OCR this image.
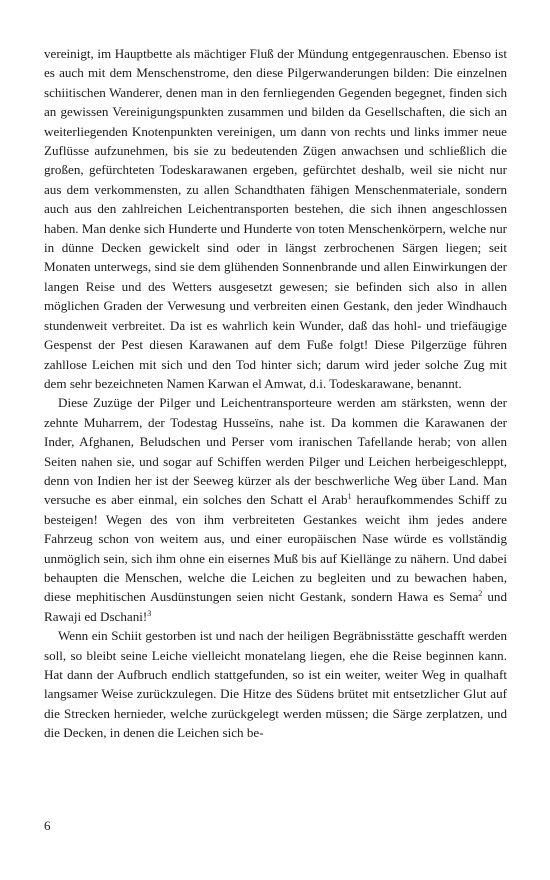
vereinigt, im Hauptbette als mächtiger Fluß der Mündung entgegenrauschen. Ebenso ist es auch mit dem Menschenstrome, den diese Pilgerwanderungen bilden: Die einzelnen schiitischen Wanderer, denen man in den fernliegenden Gegenden begegnet, finden sich an gewissen Vereinigungspunkten zusammen und bilden da Gesellschaften, die sich an weiterliegenden Knotenpunkten vereinigen, um dann von rechts und links immer neue Zuflüsse aufzunehmen, bis sie zu bedeutenden Zügen anwachsen und schließlich die großen, gefürchteten Todeskarawanen ergeben, gefürchtet deshalb, weil sie nicht nur aus dem verkommensten, zu allen Schandthaten fähigen Menschenmateriale, sondern auch aus den zahlreichen Leichentransporten bestehen, die sich ihnen angeschlossen haben. Man denke sich Hunderte und Hunderte von toten Menschenkörpern, welche nur in dünne Decken gewickelt sind oder in längst zerbrochenen Särgen liegen; seit Monaten unterwegs, sind sie dem glühenden Sonnenbrande und allen Einwirkungen der langen Reise und des Wetters ausgesetzt gewesen; sie befinden sich also in allen möglichen Graden der Verwesung und verbreiten einen Gestank, den jeder Windhauch stundenweit verbreitet. Da ist es wahrlich kein Wunder, daß das hohl- und triefäugige Gespenst der Pest diesen Karawanen auf dem Fuße folgt! Diese Pilgerzüge führen zahllose Leichen mit sich und den Tod hinter sich; darum wird jeder solche Zug mit dem sehr bezeichneten Namen Karwan el Amwat, d.i. Todeskarawane, benannt.

Diese Zuzüge der Pilger und Leichentransporteure werden am stärksten, wenn der zehnte Muharrem, der Todestag Husseïns, nahe ist. Da kommen die Karawanen der Inder, Afghanen, Beludschen und Perser vom iranischen Tafellande herab; von allen Seiten nahen sie, und sogar auf Schiffen werden Pilger und Leichen herbeigeschleppt, denn von Indien her ist der Seeweg kürzer als der beschwerliche Weg über Land. Man versuche es aber einmal, ein solches den Schatt el Arab$^1$ heraufkommendes Schiff zu besteigen! Wegen des von ihm verbreiteten Gestankes weicht ihm jedes andere Fahrzeug schon von weitem aus, und einer europäischen Nase würde es vollständig unmöglich sein, sich ihm ohne ein eisernes Muß bis auf Kiellänge zu nähern. Und dabei behaupten die Menschen, welche die Leichen zu begleiten und zu bewachen haben, diese mephitischen Ausdünstungen seien nicht Gestank, sondern Hawa es Sema$^2$ und Rawaji ed Dschani!$^3$

Wenn ein Schiit gestorben ist und nach der heiligen Begräbnisstätte geschafft werden soll, so bleibt seine Leiche vielleicht monatelang liegen, ehe die Reise beginnen kann. Hat dann der Aufbruch endlich stattgefunden, so ist ein weiter, weiter Weg in qualhaft langsamer Weise zurückzulegen. Die Hitze des Südens brütet mit entsetzlicher Glut auf die Strecken hernieder, welche zurückgelegt werden müssen; die Särge zerplatzen, und die Decken, in denen die Leichen sich be-

6
